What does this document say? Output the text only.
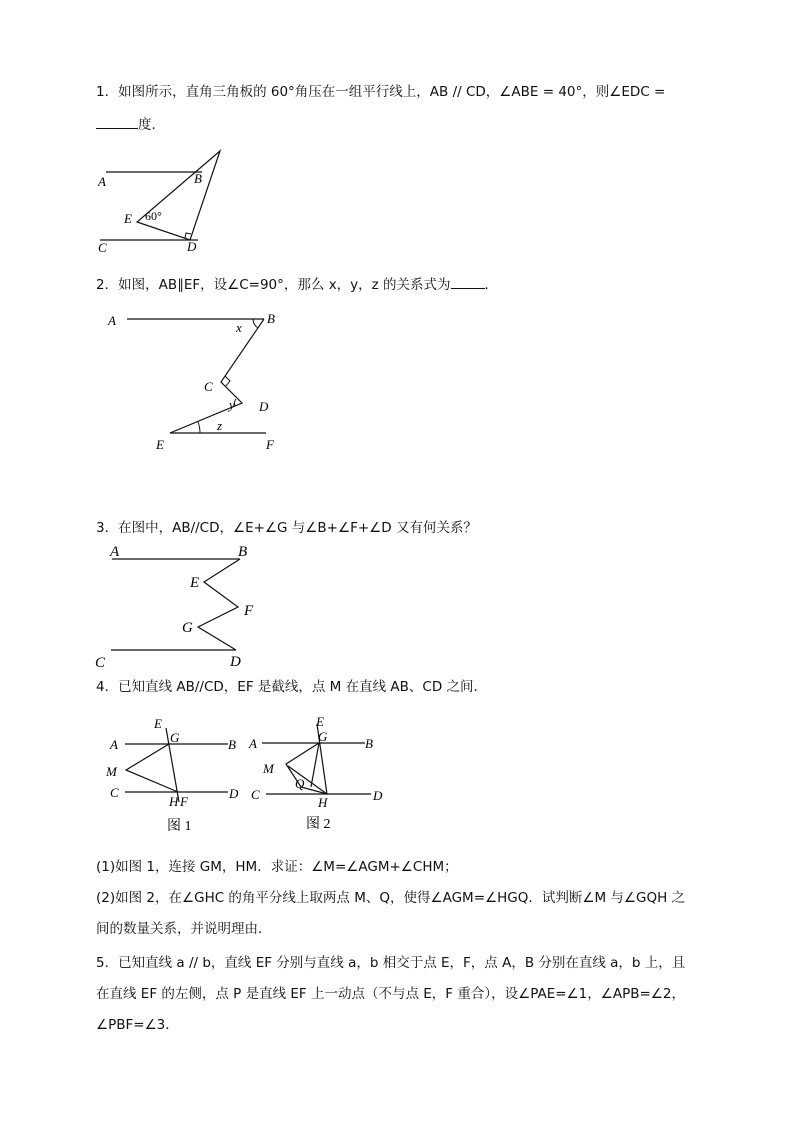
1．如图所示，直角三角板的 60°角压在一组平行线上，AB // CD，∠ABE = 40°，则∠EDC =
度．
A	B
C	D
E 60°
2．如图，AB∥EF，设∠C=90°，那么 x，y，z 的关系式为	．
A	B
C
D
E	F
x
y
z
3．在图中，AB//CD，∠E+∠G 与∠B+∠F+∠D 又有何关系？
A	B
E
F
G
C	D
4．已知直线 AB//CD，EF 是截线，点 M 在直线 AB、CD 之间．
A	B
C	D
E
G
M
H F
图 1
A	B
C	D
E
G
M
Q
H
图 2
(1)如图 1，连接 GM，HM．求证：∠M=∠AGM+∠CHM；
(2)如图 2，在∠GHC 的角平分线上取两点 M、Q，使得∠AGM=∠HGQ．试判断∠M 与∠GQH 之间的数量关系，并说明理由．
5．已知直线 a // b，直线 EF 分别与直线 a，b 相交于点 E，F，点 A，B 分别在直线 a，b 上，且在直线 EF 的左侧，点 P 是直线 EF 上一动点（不与点 E，F 重合），设∠PAE=∠1，∠APB=∠2，∠PBF=∠3．
